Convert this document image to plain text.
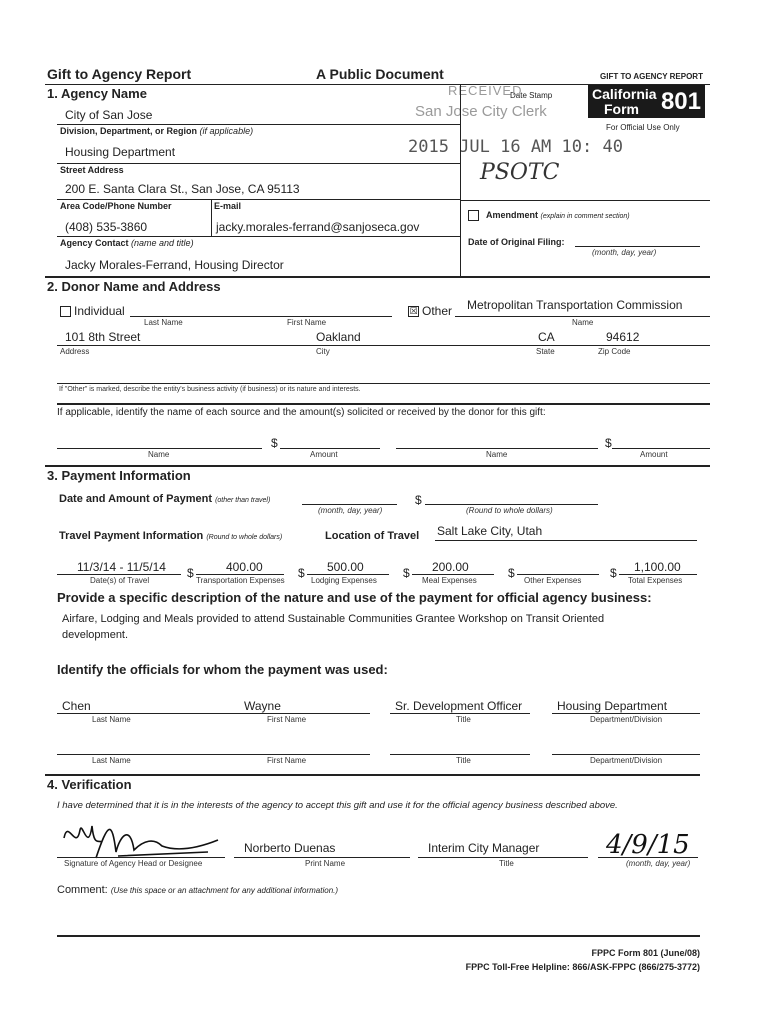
Gift to Agency Report	A Public Document	GIFT TO AGENCY REPORT
California
Form 801
For Official Use Only
Date Stamp
RECEIVED
San Jose City Clerk
2015 JUL 16 AM 10: 40
PSOTC
1. Agency Name
City of San Jose
Division, Department, or Region (if applicable)
Housing Department
Street Address
200 E. Santa Clara St., San Jose, CA 95113
Area Code/Phone Number	E-mail
(408) 535-3860	jacky.morales-ferrand@sanjoseca.gov
Agency Contact (name and title)
Jacky Morales-Ferrand, Housing Director
Amendment (explain in comment section)
Date of Original Filing:
(month, day, year)
2. Donor Name and Address
Individual
Last Name	First Name
☒ Other Metropolitan Transportation Commission
Name
101 8th Street	Oakland	CA	94612
Address	City	State	Zip Code
If "Other" is marked, describe the entity's business activity (if business) or its nature and interests.
If applicable, identify the name of each source and the amount(s) solicited or received by the donor for this gift:
$
Name	Amount
$
Name	Amount
3. Payment Information
Date and Amount of Payment (other than travel)
(month, day, year)
$
(Round to whole dollars)
Travel Payment Information (Round to whole dollars)	Location of Travel Salt Lake City, Utah
11/3/14 - 11/5/14
Date(s) of Travel
$	400.00
Transportation Expenses
$ 500.00
Lodging Expenses
$ 200.00
Meal Expenses
$
Other Expenses
$ 1,100.00
Total Expenses
Provide a specific description of the nature and use of the payment for official agency business:
Airfare, Lodging and Meals provided to attend Sustainable Communities Grantee Workshop on Transit Oriented
development.
Identify the officials for whom the payment was used:
Chen	Wayne	Sr. Development Officer	Housing Department
Last Name	First Name	Title	Department/Division
Last Name	First Name	Title	Department/Division
4. Verification
I have determined that it is in the interests of the agency to accept this gift and use it for the official agency business described above.
Signature of Agency Head or Designee
Norberto Duenas
Print Name
Interim City Manager
Title
4/9/15
(month, day, year)
Comment: (Use this space or an attachment for any additional information.)
FPPC Form 801 (June/08)
FPPC Toll-Free Helpline: 866/ASK-FPPC (866/275-3772)
